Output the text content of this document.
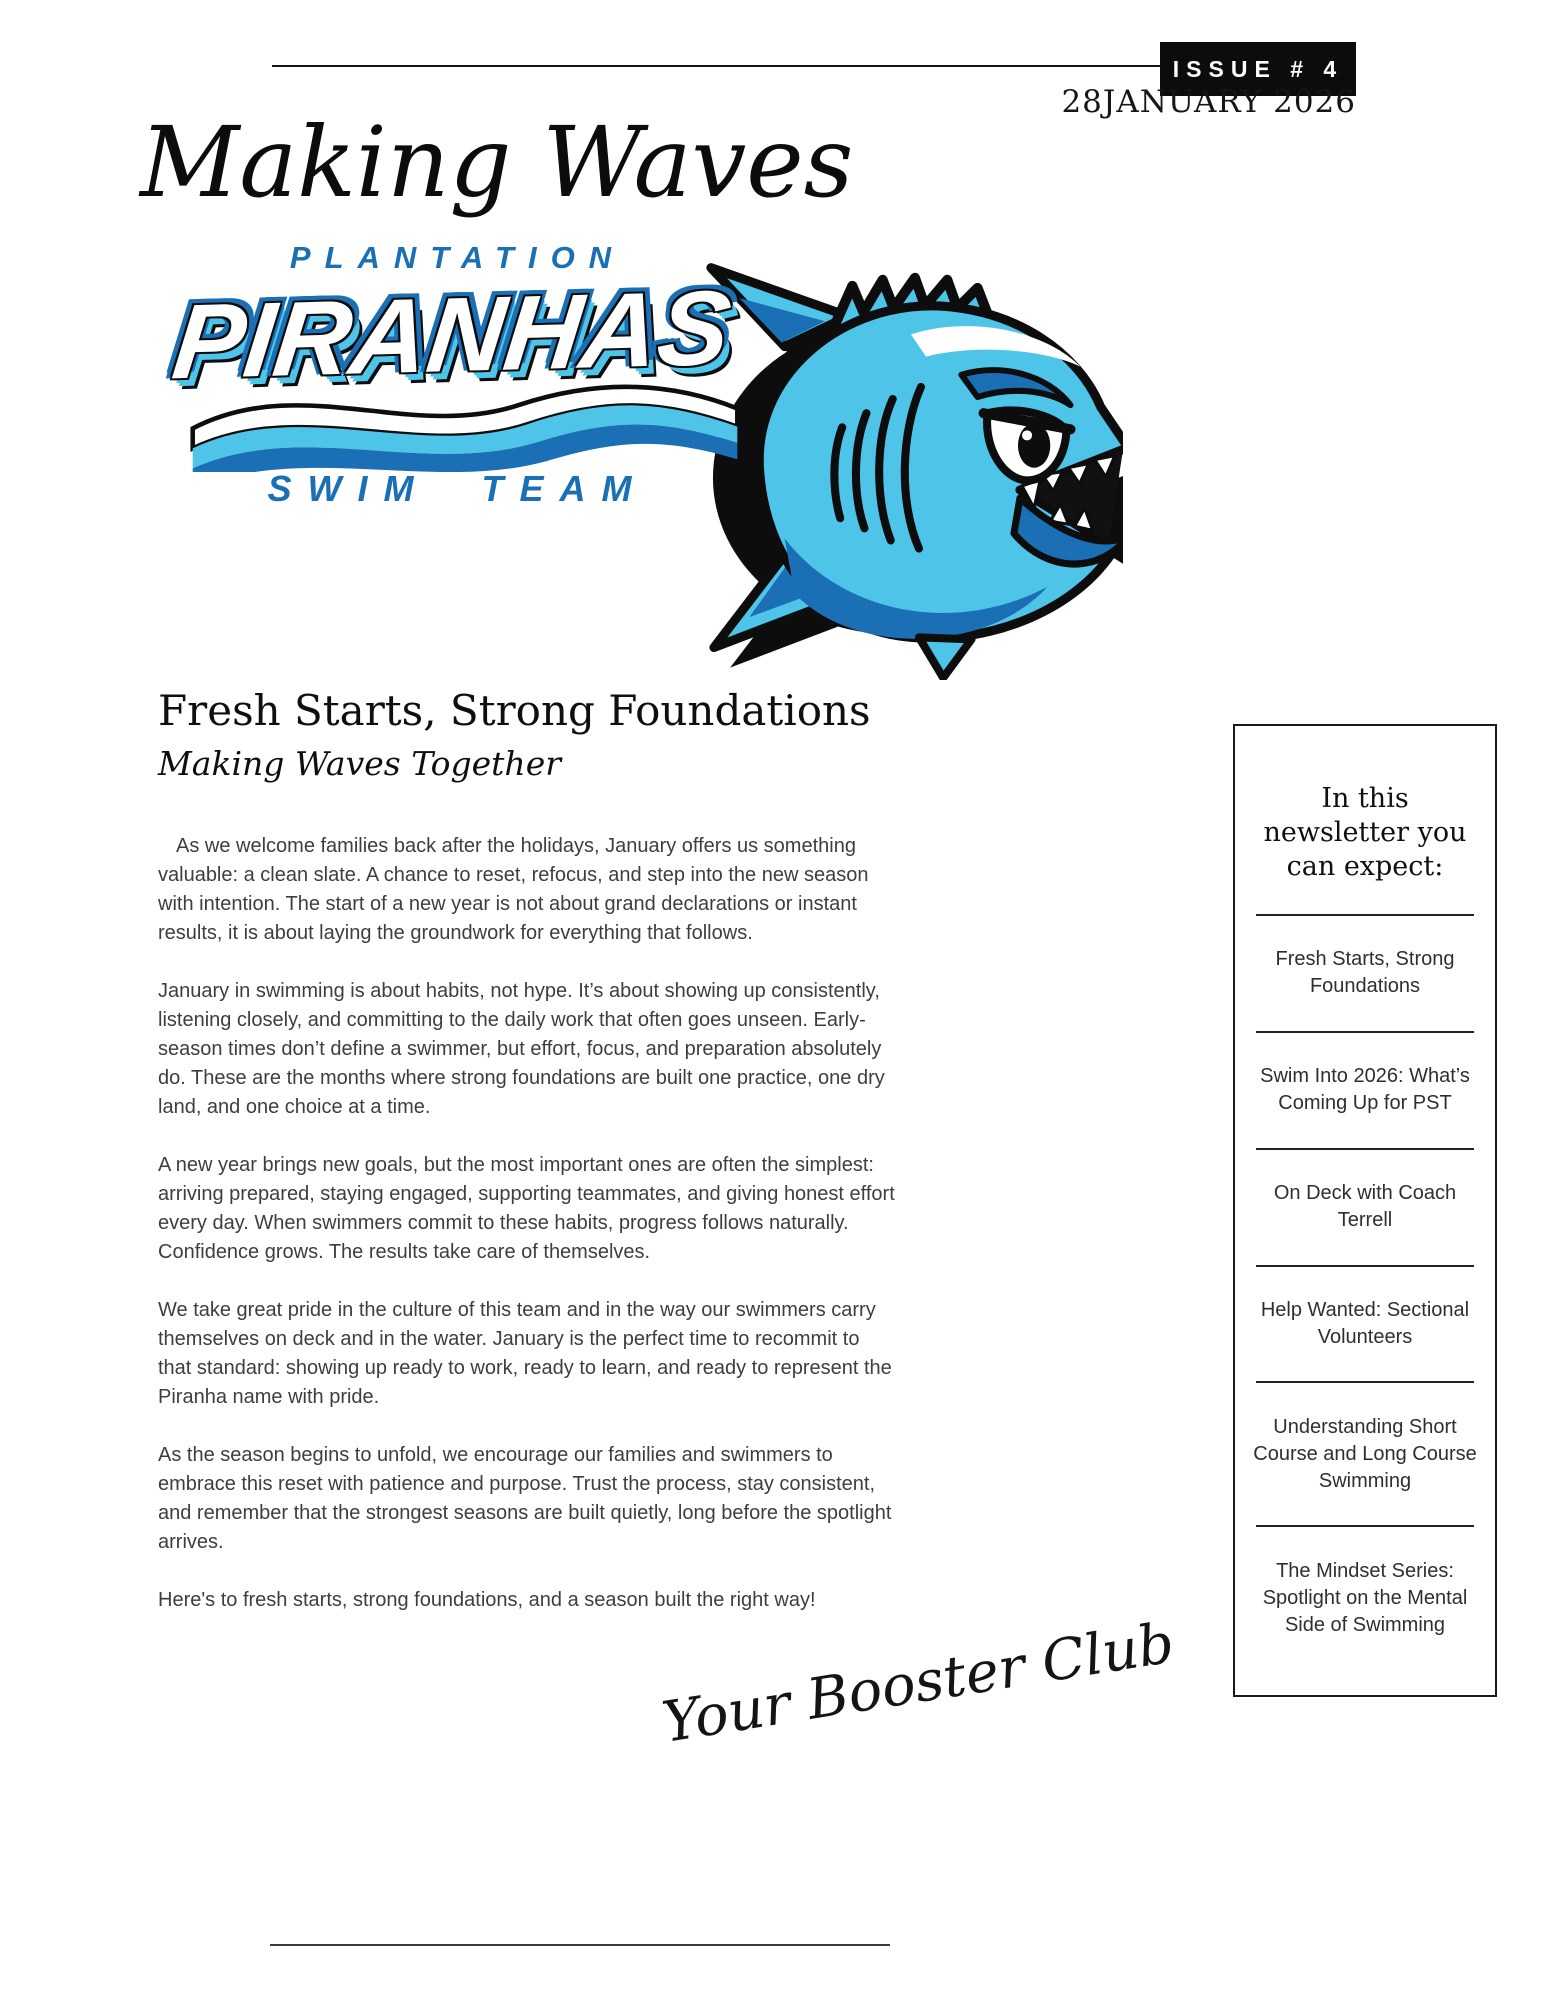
ISSUE # 4
28JANUARY 2026
Making Waves
PLANTATION
PIRANHAS
SWIM TEAM
Fresh Starts, Strong Foundations
Making Waves Together

As we welcome families back after the holidays, January offers us something valuable: a clean slate. A chance to reset, refocus, and step into the new season with intention. The start of a new year is not about grand declarations or instant results, it is about laying the groundwork for everything that follows.

January in swimming is about habits, not hype. It’s about showing up consistently, listening closely, and committing to the daily work that often goes unseen. Early-season times don’t define a swimmer, but effort, focus, and preparation absolutely do. These are the months where strong foundations are built one practice, one dry land, and one choice at a time.

A new year brings new goals, but the most important ones are often the simplest: arriving prepared, staying engaged, supporting teammates, and giving honest effort every day. When swimmers commit to these habits, progress follows naturally. Confidence grows. The results take care of themselves.

We take great pride in the culture of this team and in the way our swimmers carry themselves on deck and in the water. January is the perfect time to recommit to that standard: showing up ready to work, ready to learn, and ready to represent the Piranha name with pride.

As the season begins to unfold, we encourage our families and swimmers to embrace this reset with patience and purpose. Trust the process, stay consistent, and remember that the strongest seasons are built quietly, long before the spotlight arrives.

Here's to fresh starts, strong foundations, and a season built the right way!

Your Booster Club
In this newsletter you can expect:
Fresh Starts, Strong Foundations
Swim Into 2026: What’s Coming Up for PST
On Deck with Coach Terrell
Help Wanted: Sectional Volunteers
Understanding Short Course and Long Course Swimming
The Mindset Series: Spotlight on the Mental Side of Swimming
